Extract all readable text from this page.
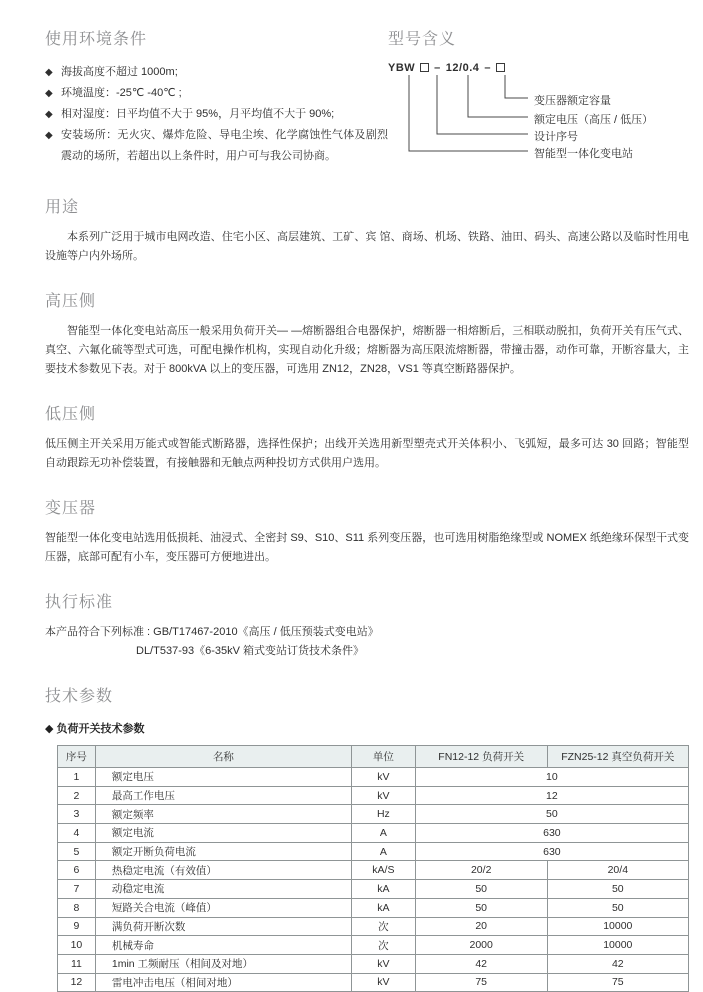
使用环境条件
◆ 海拔高度不超过 1000m;
◆ 环境温度：-25℃ -40℃ ;
◆ 相对湿度：日平均值不大于 95%，月平均值不大于 90%;
◆ 安装场所：无火灾、爆炸危险、导电尘埃、化学腐蚀性气体及剧烈震动的场所，若超出以上条件时，用户可与我公司协商。
型号含义
YBW – 12/0.4 –
变压器额定容量
额定电压（高压 / 低压）
设计序号
智能型一体化变电站
用途

本系列广泛用于城市电网改造、住宅小区、高层建筑、工矿、宾 馆、商场、机场、铁路、油田、码头、高速公路以及临时性用电设施等户内外场所。

高压侧

智能型一体化变电站高压一般采用负荷开关— —熔断器组合电器保护，熔断器一相熔断后，三相联动脱扣，负荷开关有压气式、真空、六氟化硫等型式可选，可配电操作机构，实现自动化升级；熔断器为高压限流熔断器，带撞击器，动作可靠，开断容量大，主要技术参数见下表。对于 800kVA 以上的变压器，可选用 ZN12，ZN28，VS1 等真空断路器保护。

低压侧

低压侧主开关采用万能式或智能式断路器，选择性保护；出线开关选用新型塑壳式开关体积小、飞弧短，最多可达 30 回路；智能型自动跟踪无功补偿装置，有接触器和无触点两种投切方式供用户选用。

变压器

智能型一体化变电站选用低损耗、油浸式、全密封 S9、S10、S11 系列变压器，也可选用树脂绝缘型或 NOMEX 纸绝缘环保型干式变压器，底部可配有小车，变压器可方便地进出。

执行标准
本产品符合下列标准 : GB/T17467-2010《高压 / 低压预装式变电站》
DL/T537-93《6-35kV 箱式变站订货技术条件》
技术参数
◆ 负荷开关技术参数
序号	名称	单位	FN12-12 负荷开关	FZN25-12 真空负荷开关
1	额定电压	kV	10	
2	最高工作电压	kV	12	
3	额定频率	Hz	50	
4	额定电流	A	630	
5	额定开断负荷电流	A	630	
6	热稳定电流（有效值）	kA/S	20/2	20/4
7	动稳定电流	kA	50	50
8	短路关合电流（峰值）	kA	50	50
9	满负荷开断次数	次	20	10000
10	机械寿命	次	2000	10000
11	1min 工频耐压（相间及对地）	kV	42	42
12	雷电冲击电压（相间对地）	kV	75	75
